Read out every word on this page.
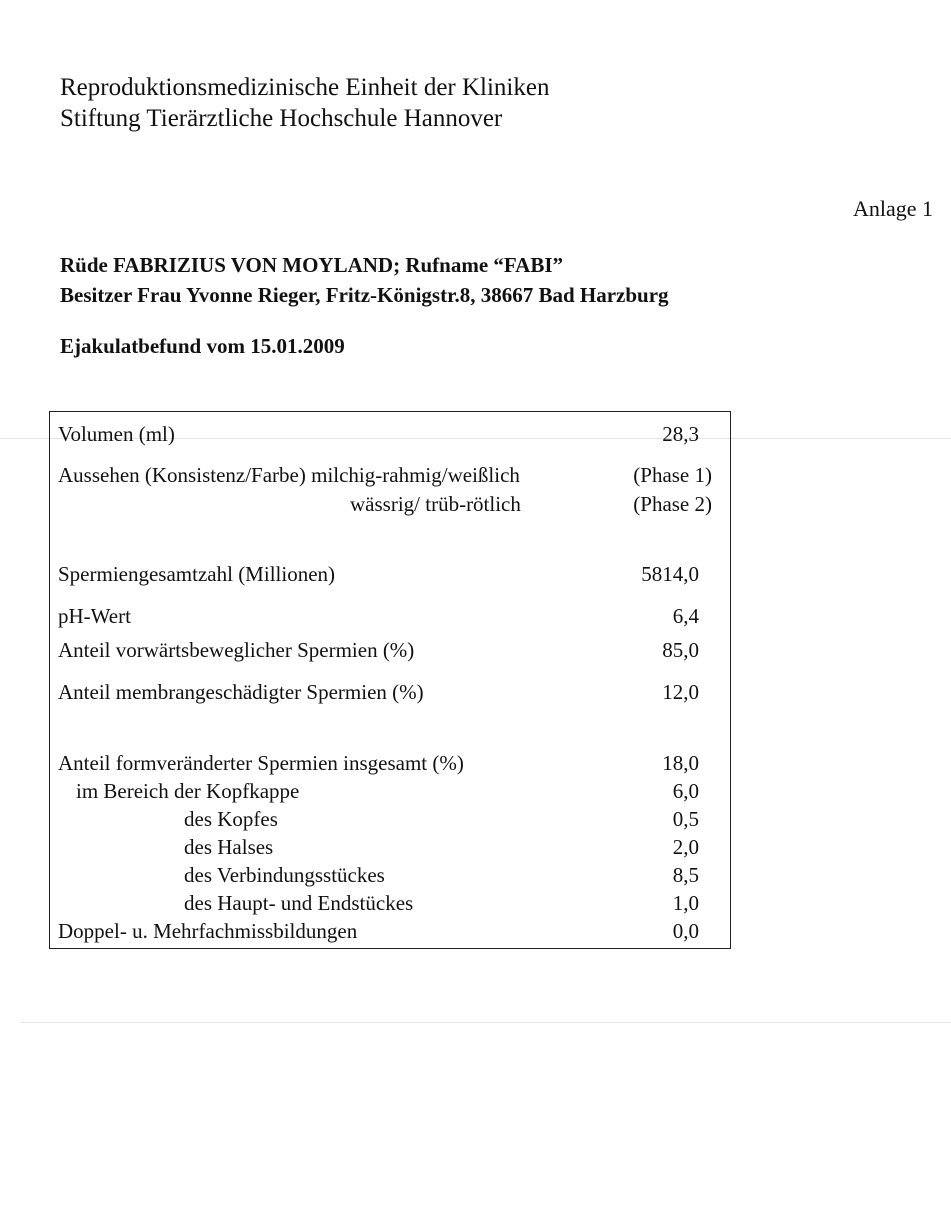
Reproduktionsmedizinische Einheit der Kliniken
Stiftung Tierärztliche Hochschule Hannover
Anlage 1
Rüde FABRIZIUS VON MOYLAND; Rufname “FABI”
Besitzer Frau Yvonne Rieger, Fritz-Königstr.8, 38667 Bad Harzburg
Ejakulatbefund vom 15.01.2009
Volumen (ml)	28,3
Aussehen (Konsistenz/Farbe) milchig-rahmig/weißlich	(Phase 1)
wässrig/ trüb-rötlich	(Phase 2)
Spermiengesamtzahl (Millionen)	5814,0
pH-Wert	6,4
Anteil vorwärtsbeweglicher Spermien (%)	85,0
Anteil membrangeschädigter Spermien (%)	12,0
Anteil formveränderter Spermien insgesamt (%)	18,0
im Bereich der Kopfkappe	6,0
des Kopfes	0,5
des Halses	2,0
des Verbindungsstückes	8,5
des Haupt- und Endstückes	1,0
Doppel- u. Mehrfachmissbildungen	0,0
